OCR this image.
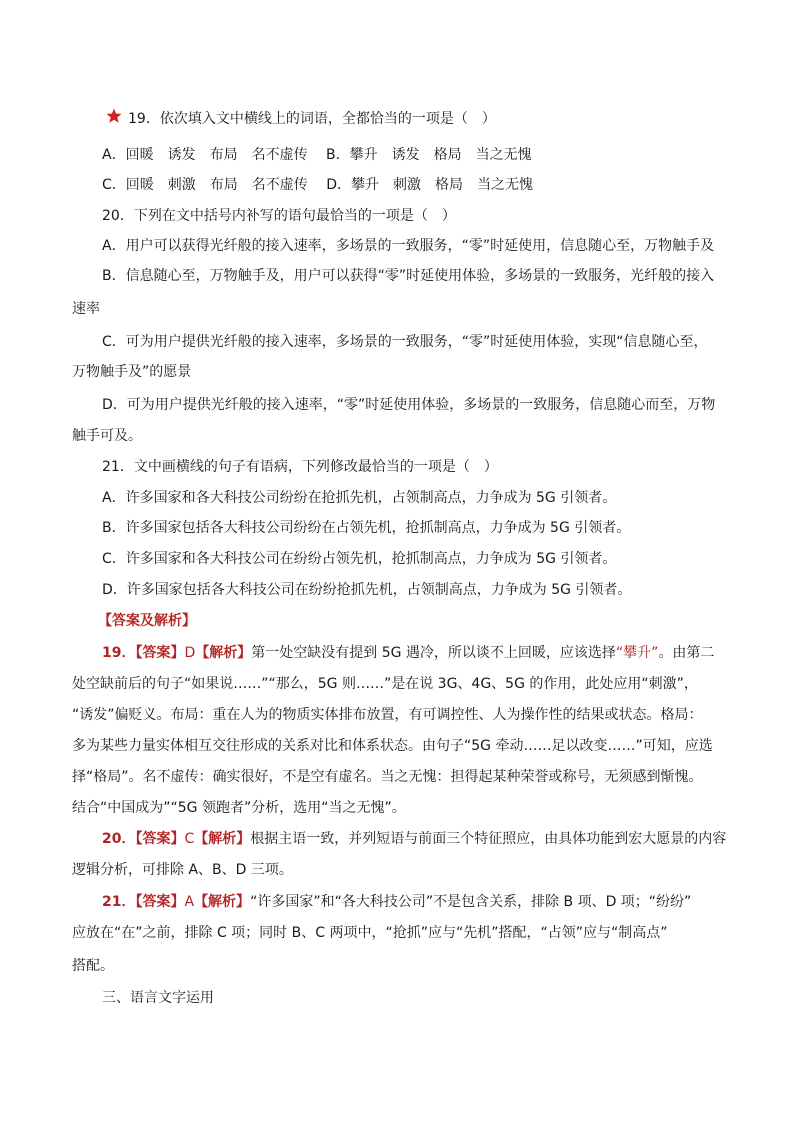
19．依次填入文中横线上的词语，全都恰当的一项是（　）
A．回暖　诱发　布局　名不虚传　 B．攀升　诱发　格局　当之无愧
C．回暖　刺激　布局　名不虚传　 D．攀升　刺激　格局　当之无愧
20．下列在文中括号内补写的语句最恰当的一项是（　）
A．用户可以获得光纤般的接入速率，多场景的一致服务，“零”时延使用，信息随心至，万物触手及
B．信息随心至，万物触手及，用户可以获得“零”时延使用体验，多场景的一致服务，光纤般的接入
速率
C．可为用户提供光纤般的接入速率，多场景的一致服务，“零”时延使用体验，实现“信息随心至，
万物触手及”的愿景
D．可为用户提供光纤般的接入速率，“零”时延使用体验，多场景的一致服务，信息随心而至，万物
触手可及。
21．文中画横线的句子有语病，下列修改最恰当的一项是（　）
A．许多国家和各大科技公司纷纷在抢抓先机，占领制高点，力争成为 5G 引领者。
B．许多国家包括各大科技公司纷纷在占领先机，抢抓制高点，力争成为 5G 引领者。
C．许多国家和各大科技公司在纷纷占领先机，抢抓制高点，力争成为 5G 引领者。
D．许多国家包括各大科技公司在纷纷抢抓先机，占领制高点，力争成为 5G 引领者。
【答案及解析】
19．【答案】D【解析】第一处空缺没有提到 5G 遇冷，所以谈不上回暖，应该选择“攀升”。由第二
处空缺前后的句子“如果说……”“那么，5G 则……”是在说 3G、4G、5G 的作用，此处应用“刺激”，
“诱发”偏贬义。布局：重在人为的物质实体排布放置，有可调控性、人为操作性的结果或状态。格局：
多为某些力量实体相互交往形成的关系对比和体系状态。由句子“5G 牵动……足以改变……”可知，应选
择“格局”。名不虚传：确实很好，不是空有虚名。当之无愧：担得起某种荣誉或称号，无须感到惭愧。
结合“中国成为”“5G 领跑者”分析，选用“当之无愧”。
20．【答案】C【解析】根据主语一致，并列短语与前面三个特征照应，由具体功能到宏大愿景的内容
逻辑分析，可排除 A、B、D 三项。
21．【答案】A【解析】“许多国家”和“各大科技公司”不是包含关系，排除 B 项、D 项；“纷纷”
应放在“在”之前，排除 C 项；同时 B、C 两项中，“抢抓”应与“先机”搭配，“占领”应与“制高点”
搭配。
三、语言文字运用
